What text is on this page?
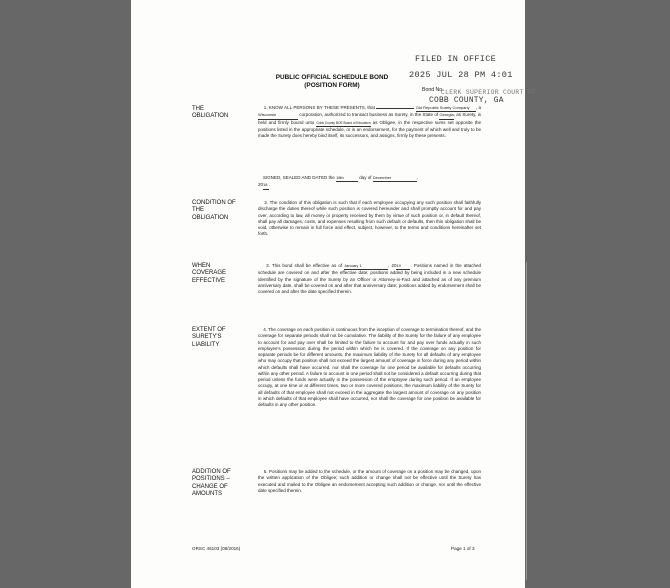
FILED IN OFFICE
2025 JUL 28 PM 4:01
CLERK SUPERIOR COURT OF
COBB COUNTY, GA
PUBLIC OFFICIAL SCHEDULE BOND
(POSITION FORM)
Bond No.
THE
OBLIGATION
1. KNOW ALL PERSONS BY THESE PRESENTS, that	Old Republic Surety Company , a Wisconsin	corporation, authorized to transact business as Surety, in the State of Georgia, as Surety, is held and firmly bound unto Cobb County BOE Board of Education as Obligee, in the respective sums set opposite the positions listed in the appropriate schedule, or in an endorsement, for the payment of which well and truly to be made the Surety does hereby bind itself, its successors, and assigns, firmly by these presents.
SIGNED, SEALED AND DATED the 18th	day of December	,
2018 .
CONDITION OF
THE
OBLIGATION
2. The condition of this obligation is such that if each employee occupying any such position shall faithfully discharge the duties thereof while such position is covered hereunder and shall promptly account for and pay over, according to law, all money or property received by them by virtue of such position or, in default thereof, shall pay all damages, costs, and expenses resulting from such default or defaults, then this obligation shall be void, otherwise to remain in full force and effect, subject, however, to the terms and conditions hereinafter set forth.
WHEN
COVERAGE
EFFECTIVE
3. This bond shall be effective as of January 1	, 2019 . Positions named in the attached schedule are covered on and after the effective date; positions added by being included in a new schedule identified by the signature of the Surety by an Officer or Attorney-in-Fact and attached as of any premium anniversary date, shall be covered on and after that anniversary date; positions added by endorsement shall be covered on and after the date specified therein.
EXTENT OF
SURETY'S
LIABILITY
4. The coverage on each position is continuous from the inception of coverage to termination thereof, and the coverage for separate periods shall not be cumulative. The liability of the Surety for the failure of any employee to account for and pay over shall be limited to the failure to account for and pay over funds actually in such employee's possession during the period within which he is covered. If the coverage on any position for separate periods be for different amounts, the maximum liability of the Surety for all defaults of any employee who may occupy that position shall not exceed the largest amount of coverage in force during any period within which defaults shall have occurred, nor shall the coverage for one period be available for defaults occurring within any other period. A failure to account in one period shall not be considered a default occurring during that period unless the funds were actually in the possession of the employee during such period. If an employee occupy, at one time or at different times, two or more covered positions, the maximum liability of the Surety for all defaults of that employee shall not exceed in the aggregate the largest amount of coverage on any position in which defaults of that employee shall have occurred, nor shall the coverage for one position be available for defaults in any other position.
ADDITION OF
POSITIONS –
CHANGE OF
AMOUNTS
5. Positions may be added to the schedule, or the amount of coverage on a position may be changed, upon the written application of the Obligee; such addition or change shall not be effective until the Surety has executed and mailed to the Obligee an endorsement accepting such addition or change, nor until the effective date specified therein.
ORSC 46103 (08/2016)	Page 1 of 3
